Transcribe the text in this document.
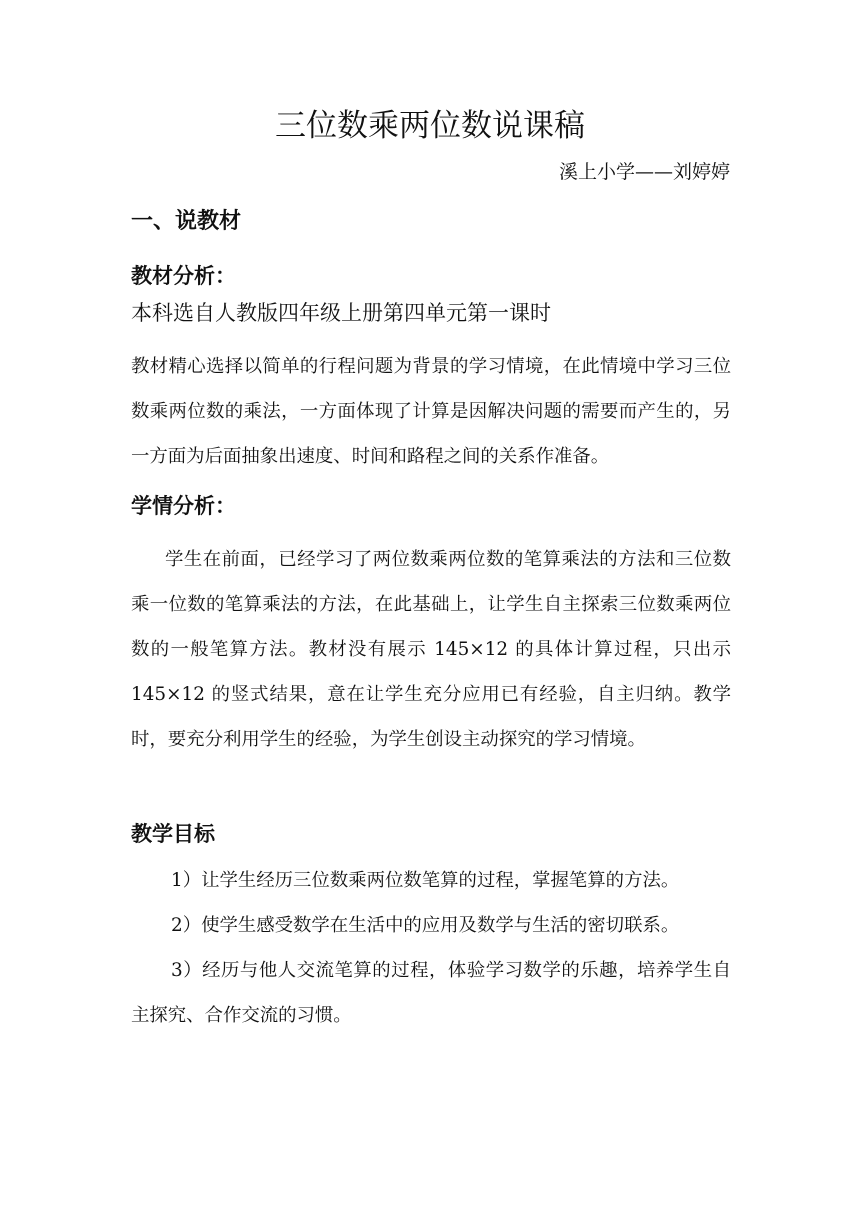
三位数乘两位数说课稿
溪上小学——刘婷婷
一、说教材
教材分析：
本科选自人教版四年级上册第四单元第一课时

教材精心选择以简单的行程问题为背景的学习情境，在此情境中学习三位数乘两位数的乘法，一方面体现了计算是因解决问题的需要而产生的，另一方面为后面抽象出速度、时间和路程之间的关系作准备。

学情分析：

学生在前面，已经学习了两位数乘两位数的笔算乘法的方法和三位数乘一位数的笔算乘法的方法，在此基础上，让学生自主探索三位数乘两位数的一般笔算方法。教材没有展示 145×12 的具体计算过程，只出示 145×12 的竖式结果，意在让学生充分应用已有经验，自主归纳。教学时，要充分利用学生的经验，为学生创设主动探究的学习情境。

教学目标

1）让学生经历三位数乘两位数笔算的过程，掌握笔算的方法。

2）使学生感受数学在生活中的应用及数学与生活的密切联系。

3）经历与他人交流笔算的过程，体验学习数学的乐趣，培养学生自主探究、合作交流的习惯。
